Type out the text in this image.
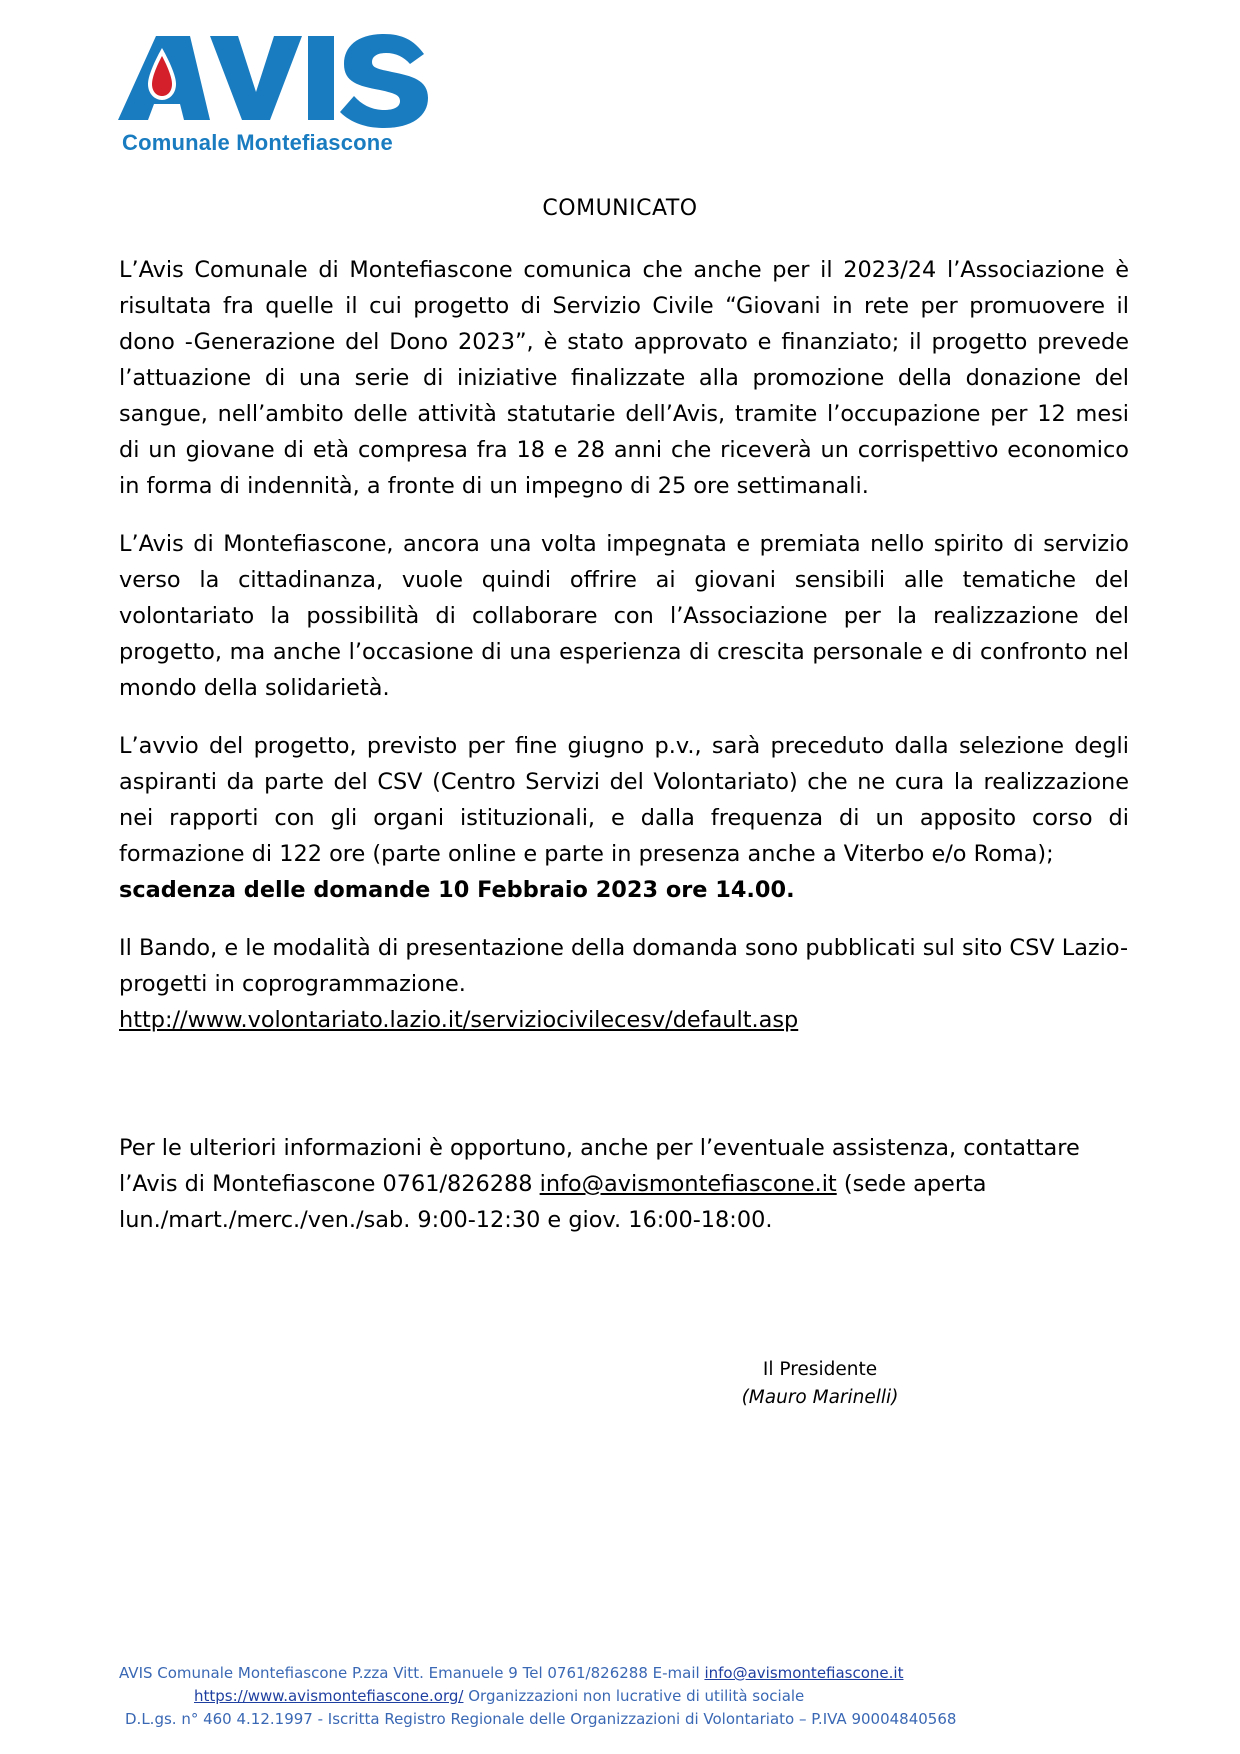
Comunale Montefiascone
COMUNICATO

L’Avis Comunale di Montefiascone comunica che anche per il 2023/24 l’Associazione è risultata fra quelle il cui progetto di Servizio Civile “Giovani in rete per promuovere il dono -Generazione del Dono 2023”, è stato approvato e finanziato; il progetto prevede l’attuazione di una serie di iniziative finalizzate alla promozione della donazione del sangue, nell’ambito delle attività statutarie dell’Avis, tramite l’occupazione per 12 mesi di un giovane di età compresa fra 18 e 28 anni che riceverà un corrispettivo economico in forma di indennità, a fronte di un impegno di 25 ore settimanali.

L’Avis di Montefiascone, ancora una volta impegnata e premiata nello spirito di servizio verso la cittadinanza, vuole quindi offrire ai giovani sensibili alle tematiche del volontariato la possibilità di collaborare con l’Associazione per la realizzazione del progetto, ma anche l’occasione di una esperienza di crescita personale e di confronto nel mondo della solidarietà.

L’avvio del progetto, previsto per fine giugno p.v., sarà preceduto dalla selezione degli aspiranti da parte del CSV (Centro Servizi del Volontariato) che ne cura la realizzazione nei rapporti con gli organi istituzionali, e dalla frequenza di un apposito corso di formazione di 122 ore (parte online e parte in presenza anche a Viterbo e/o Roma);
scadenza delle domande 10 Febbraio 2023 ore 14.00.

Il Bando, e le modalità di presentazione della domanda sono pubblicati sul sito CSV Lazio- progetti in coprogrammazione.
http://www.volontariato.lazio.it/serviziocivilecesv/default.asp

Per le ulteriori informazioni è opportuno, anche per l’eventuale assistenza, contattare l’Avis di Montefiascone 0761/826288 info@avismontefiascone.it (sede aperta lun./mart./merc./ven./sab. 9:00-12:30 e giov. 16:00-18:00.

Il Presidente
(Mauro Marinelli)
AVIS Comunale Montefiascone P.zza Vitt. Emanuele 9 Tel 0761/826288 E-mail info@avismontefiascone.it
https://www.avismontefiascone.org/ Organizzazioni non lucrative di utilità sociale
D.L.gs. n° 460 4.12.1997 - Iscritta Registro Regionale delle Organizzazioni di Volontariato – P.IVA 90004840568
